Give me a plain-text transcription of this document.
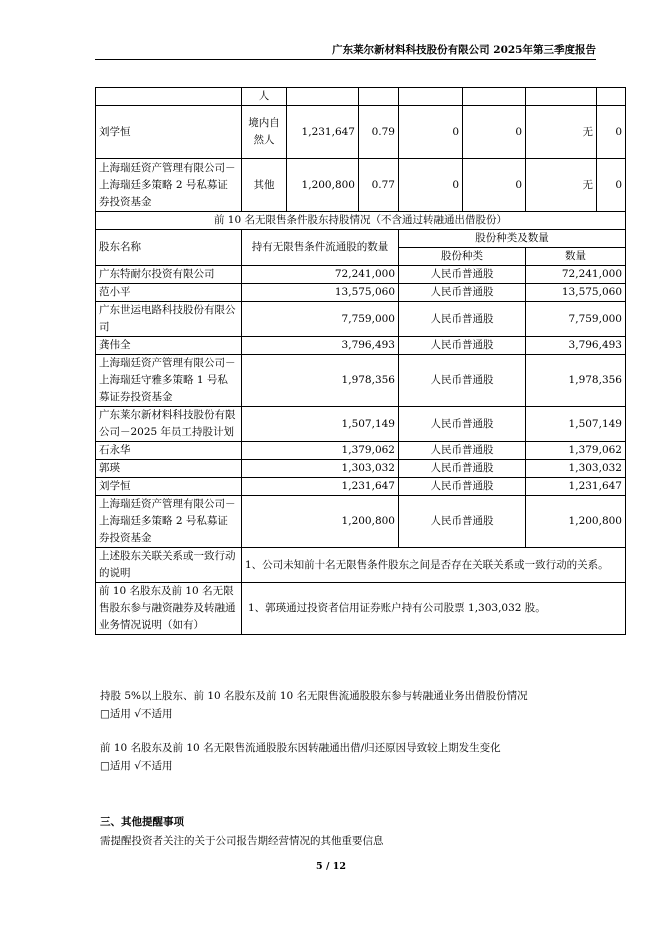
广东莱尔新材料科技股份有限公司 2025年第三季度报告
	人						
刘学恒	境内自然人	1,231,647	0.79	0	0	无	0
上海瑞廷资产管理有限公司－上海瑞廷多策略 2 号私募证券投资基金	其他	1,200,800	0.77	0	0	无	0
前 10 名无限售条件股东持股情况（不含通过转融通出借股份）							
股东名称	持有无限售条件流通股的数量			股份种类及数量			
				股份种类		数量	
广东特耐尔投资有限公司	72,241,000			人民币普通股		72,241,000	
范小平	13,575,060			人民币普通股		13,575,060	
广东世运电路科技股份有限公司	7,759,000			人民币普通股		7,759,000	
龚伟全	3,796,493			人民币普通股		3,796,493	
上海瑞廷资产管理有限公司－上海瑞廷守雅多策略 1 号私募证券投资基金	1,978,356			人民币普通股		1,978,356	
广东莱尔新材料科技股份有限公司－2025 年员工持股计划	1,507,149			人民币普通股		1,507,149	
石永华	1,379,062			人民币普通股		1,379,062	
郭瑛	1,303,032			人民币普通股		1,303,032	
刘学恒	1,231,647			人民币普通股		1,231,647	
上海瑞廷资产管理有限公司－上海瑞廷多策略 2 号私募证券投资基金	1,200,800			人民币普通股		1,200,800	
上述股东关联关系或一致行动的说明	1、公司未知前十名无限售条件股东之间是否存在关联关系或一致行动的关系。						
前 10 名股东及前 10 名无限售股东参与融资融券及转融通业务情况说明（如有）	1、郭瑛通过投资者信用证券账户持有公司股票 1,303,032 股。						
持股 5%以上股东、前 10 名股东及前 10 名无限售流通股股东参与转融通业务出借股份情况
□适用 √不适用
前 10 名股东及前 10 名无限售流通股股东因转融通出借/归还原因导致较上期发生变化
□适用 √不适用
三、其他提醒事项
需提醒投资者关注的关于公司报告期经营情况的其他重要信息
5 / 12
